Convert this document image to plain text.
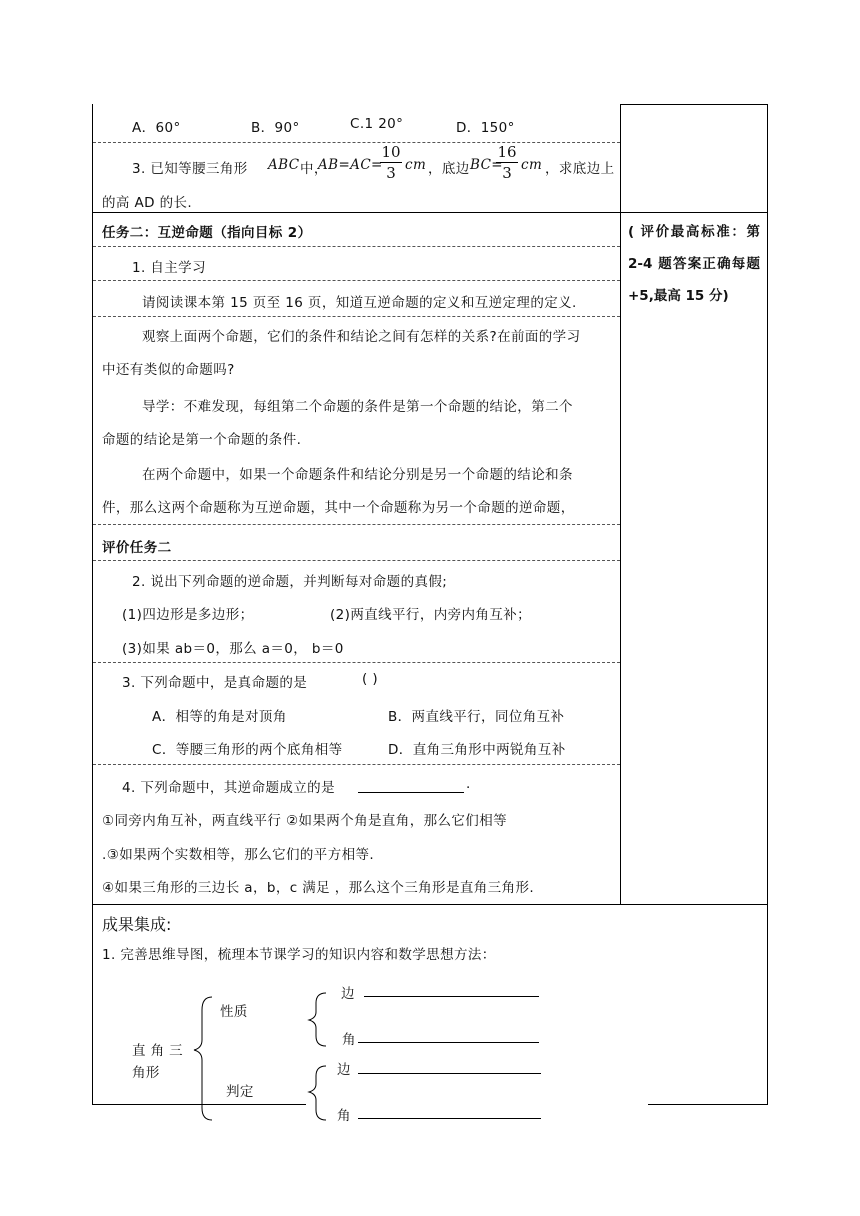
A．60°	B．90°	C.1 20°	D．150°
3. 已知等腰三角形 ABC 中，
AB=AC=
10
3 cm ，底边 BC=
16
3 cm ，求底边上
的高 AD 的长.
任务二：互逆命题（指向目标 2）
1. 自主学习
请阅读课本第 15 页至 16 页，知道互逆命题的定义和互逆定理的定义.
观察上面两个命题，它们的条件和结论之间有怎样的关系?在前面的学习
中还有类似的命题吗?
导学：不难发现，每组第二个命题的条件是第一个命题的结论，第二个
命题的结论是第一个命题的条件.
在两个命题中，如果一个命题条件和结论分别是另一个命题的结论和条
件，那么这两个命题称为互逆命题，其中一个命题称为另一个命题的逆命题，
( 评价最高标准：第 2-4 题答案正确每题+5,最高 15 分)
评价任务二
2. 说出下列命题的逆命题，并判断每对命题的真假;
(1)四边形是多边形；	(2)两直线平行，内旁内角互补；
(3)如果 ab＝0，那么 a＝0， b＝0
3. 下列命题中，是真命题的是	( )
A．相等的角是对顶角	B．两直线平行，同位角互补
C．等腰三角形的两个底角相等	D．直角三角形中两锐角互补
4. 下列命题中，其逆命题成立的是	.
①同旁内角互补，两直线平行 ②如果两个角是直角，那么它们相等
.③如果两个实数相等，那么它们的平方相等.
④如果三角形的三边长 a，b，c 满足 ，那么这个三角形是直角三角形.
成果集成:
1. 完善思维导图，梳理本节课学习的知识内容和数学思想方法：
直 角 三
角形
性质
判定
边
角
边
角
